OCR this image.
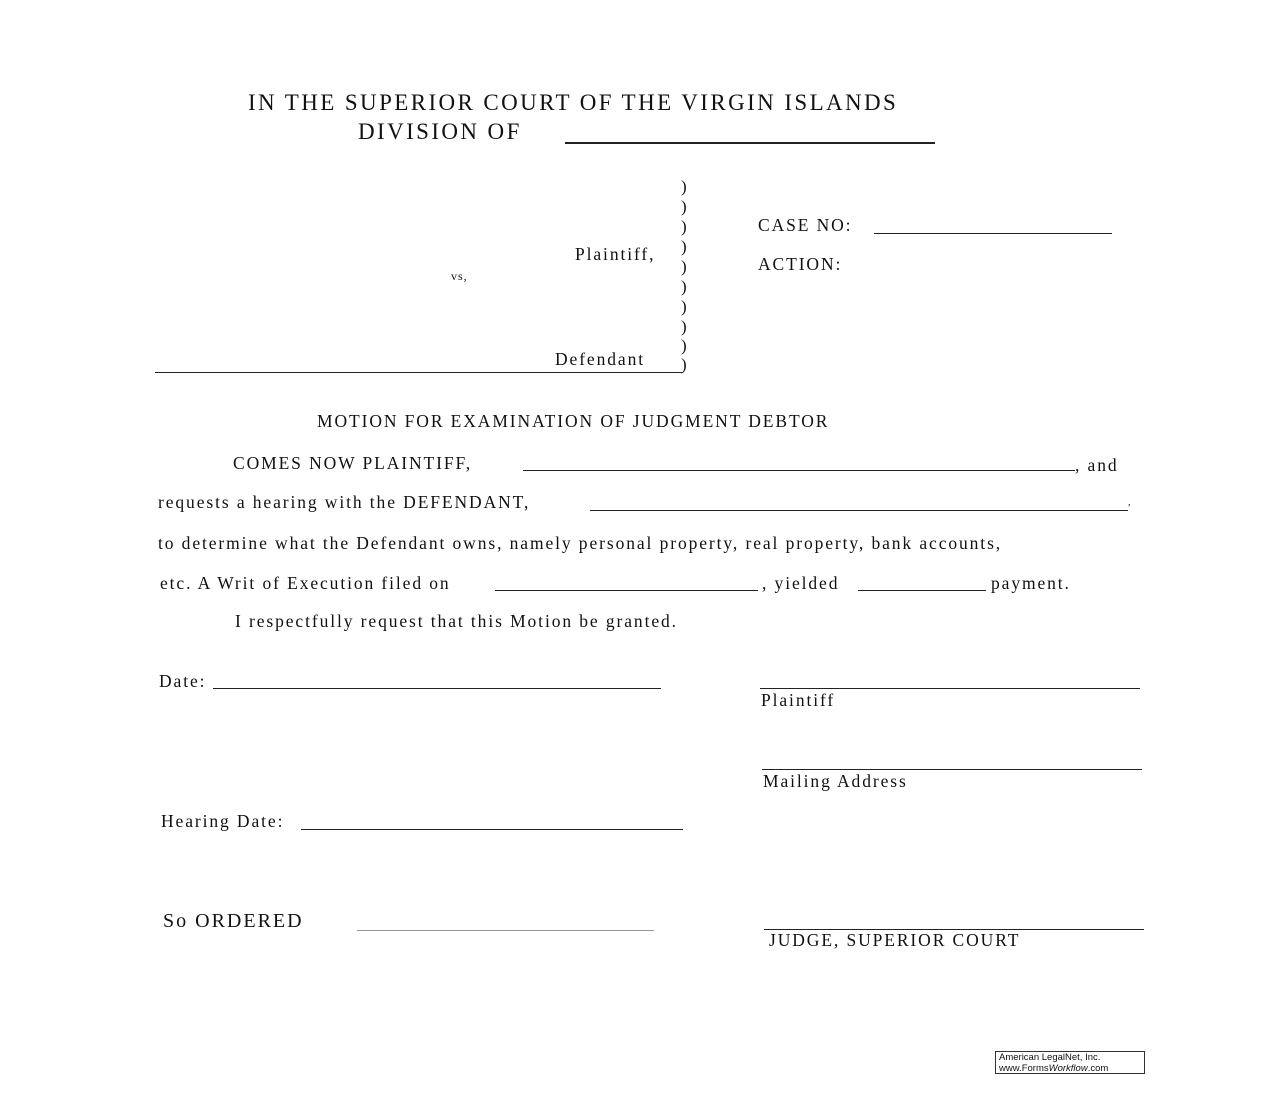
IN THE SUPERIOR COURT OF THE VIRGIN ISLANDS
DIVISION OF
)
)
)
)
)
)
)
)
)
)
Plaintiff,
vs,
Defendant
CASE NO:
ACTION:
MOTION FOR EXAMINATION OF JUDGMENT DEBTOR
COMES NOW PLAINTIFF,	, and
requests a hearing with the DEFENDANT,	,
to determine what the Defendant owns, namely personal property, real property, bank accounts,
etc. A Writ of Execution filed on	, yielded	payment.
I respectfully request that this Motion be granted.
Date:
Plaintiff
Mailing Address
Hearing Date:
So ORDERED
JUDGE, SUPERIOR COURT
American LegalNet, Inc.
www.FormsWorkflow.com
